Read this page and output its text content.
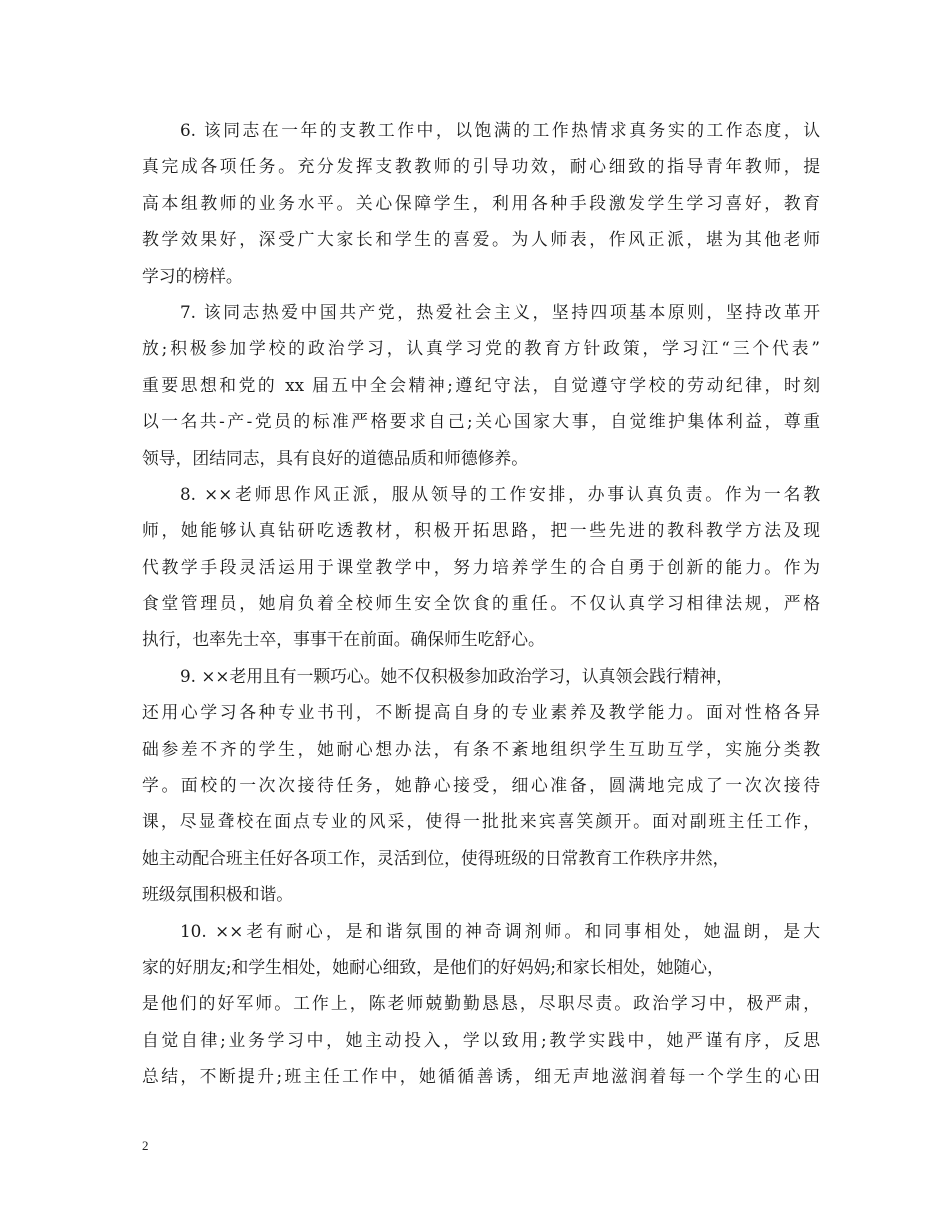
6. 该同志在一年的支教工作中，以饱满的工作热情求真务实的工作态度，认
真完成各项任务。充分发挥支教教师的引导功效，耐心细致的指导青年教师，提
高本组教师的业务水平。关心保障学生，利用各种手段激发学生学习喜好，教育
教学效果好，深受广大家长和学生的喜爱。为人师表，作风正派，堪为其他老师
学习的榜样。
7. 该同志热爱中国共产党，热爱社会主义，坚持四项基本原则，坚持改革开
放;积极参加学校的政治学习，认真学习党的教育方针政策，学习江“三个代表”
重要思想和党的 xx 届五中全会精神;遵纪守法，自觉遵守学校的劳动纪律，时刻
以一名共-产-党员的标准严格要求自己;关心国家大事，自觉维护集体利益，尊重
领导，团结同志，具有良好的道德品质和师德修养。
8. ××老师思作风正派，服从领导的工作安排，办事认真负责。作为一名教
师，她能够认真钻研吃透教材，积极开拓思路，把一些先进的教科教学方法及现
代教学手段灵活运用于课堂教学中，努力培养学生的合自勇于创新的能力。作为
食堂管理员，她肩负着全校师生安全饮食的重任。不仅认真学习相律法规，严格
执行，也率先士卒，事事干在前面。确保师生吃舒心。
9. ××老用且有一颗巧心。她不仅积极参加政治学习，认真领会践行精神，
还用心学习各种专业书刊，不断提高自身的专业素养及教学能力。面对性格各异
础参差不齐的学生，她耐心想办法，有条不紊地组织学生互助互学，实施分类教
学。面校的一次次接待任务，她静心接受，细心准备，圆满地完成了一次次接待
课，尽显聋校在面点专业的风采，使得一批批来宾喜笑颜开。面对副班主任工作，
她主动配合班主任好各项工作，灵活到位，使得班级的日常教育工作秩序井然，
班级氛围积极和谐。
10. ××老有耐心，是和谐氛围的神奇调剂师。和同事相处，她温朗，是大
家的好朋友;和学生相处，她耐心细致，是他们的好妈妈;和家长相处，她随心，
是他们的好军师。工作上，陈老师兢勤勤恳恳，尽职尽责。政治学习中，极严肃，
自觉自律;业务学习中，她主动投入，学以致用;教学实践中，她严谨有序，反思
总结，不断提升;班主任工作中，她循循善诱，细无声地滋润着每一个学生的心田
2
